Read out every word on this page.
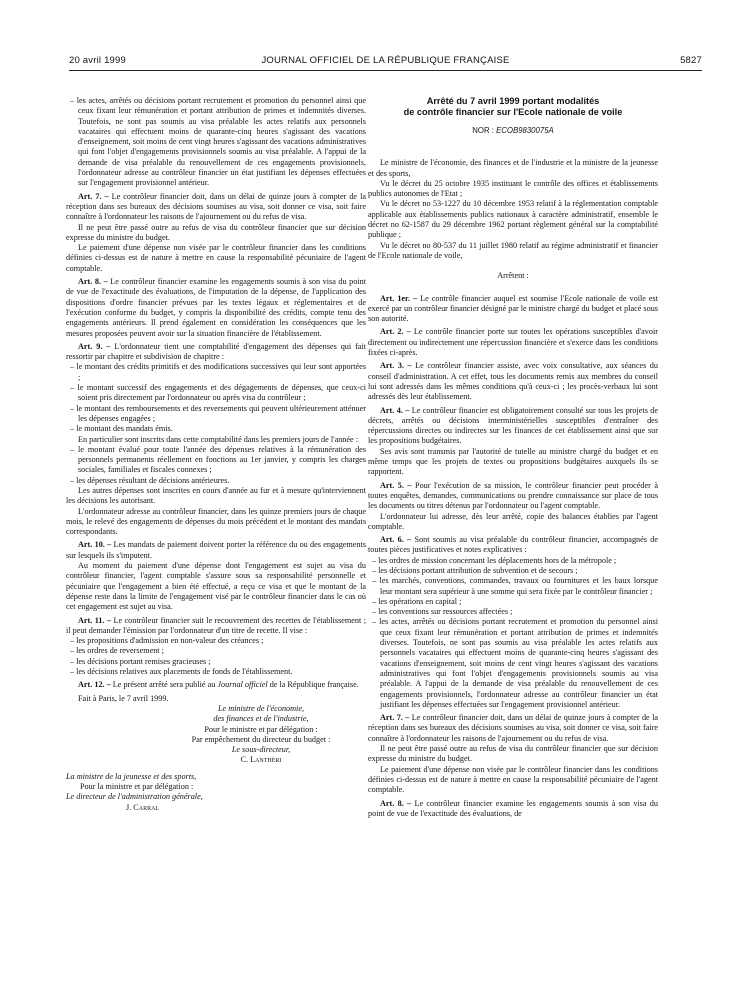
20 avril 1999	JOURNAL OFFICIEL DE LA RÉPUBLIQUE FRANÇAISE	5827
– les actes, arrêtés ou décisions portant recrutement et promotion du personnel ainsi que ceux fixant leur rémunération et portant attribution de primes et indemnités diverses. Toutefois, ne sont pas soumis au visa préalable les actes relatifs aux personnels vacataires qui effectuent moins de quarante-cinq heures s'agissant des vacations d'enseignement, soit moins de cent vingt heures s'agissant des vacations administratives qui font l'objet d'engagements provisionnels soumis au visa préalable. A l'appui de la demande de visa préalable du renouvellement de ces engagements provisionnels, l'ordonnateur adresse au contrôleur financier un état justifiant les dépenses effectuées sur l'engagement provisionnel antérieur.

Art. 7. – Le contrôleur financier doit, dans un délai de quinze jours à compter de la réception dans ses bureaux des décisions soumises au visa, soit donner ce visa, soit faire connaître à l'ordonnateur les raisons de l'ajournement ou du refus de visa.

Il ne peut être passé outre au refus de visa du contrôleur financier que sur décision expresse du ministre du budget.

Le paiement d'une dépense non visée par le contrôleur financier dans les conditions définies ci-dessus est de nature à mettre en cause la responsabilité pécuniaire de l'agent comptable.

Art. 8. – Le contrôleur financier examine les engagements soumis à son visa du point de vue de l'exactitude des évaluations, de l'imputation de la dépense, de l'application des dispositions d'ordre financier prévues par les textes légaux et réglementaires et de l'exécution conforme du budget, y compris la disponibilité des crédits, compte tenu des engagements antérieurs. Il prend également en considération les conséquences que les mesures proposées peuvent avoir sur la situation financière de l'établissement.

Art. 9. – L'ordonnateur tient une comptabilité d'engagement des dépenses qui fait ressortir par chapitre et subdivision de chapitre :

– le montant des crédits primitifs et des modifications successives qui leur sont apportées ;
– le montant successif des engagements et des dégagements de dépenses, que ceux-ci soient pris directement par l'ordonnateur ou après visa du contrôleur ;
– le montant des remboursements et des reversements qui peuvent ultérieurement atténuer les dépenses engagées ;
– le montant des mandats émis.

En particulier sont inscrits dans cette comptabilité dans les premiers jours de l'année :

– le montant évalué pour toute l'année des dépenses relatives à la rémunération des personnels permanents réellement en fonctions au 1er janvier, y compris les charges sociales, familiales et fiscales connexes ;
– les dépenses résultant de décisions antérieures.

Les autres dépenses sont inscrites en cours d'année au fur et à mesure qu'interviennent les décisions les autorisant.

L'ordonnateur adresse au contrôleur financier, dans les quinze premiers jours de chaque mois, le relevé des engagements de dépenses du mois précédent et le montant des mandats correspondants.

Art. 10. – Les mandats de paiement doivent porter la référence du ou des engagements sur lesquels ils s'imputent.

Au moment du paiement d'une dépense dont l'engagement est sujet au visa du contrôleur financier, l'agent comptable s'assure sous sa responsabilité personnelle et pécuniaire que l'engagement a bien été effectué, a reçu ce visa et que le montant de la dépense reste dans la limite de l'engagement visé par le contrôleur financier dans le cas où cet engagement est sujet au visa.

Art. 11. – Le contrôleur financier suit le recouvrement des recettes de l'établissement ; il peut demander l'émission par l'ordonnateur d'un titre de recette. Il vise :

– les propositions d'admission en non-valeur des créances ;
– les ordres de reversement ;
– les décisions portant remises gracieuses ;
– les décisions relatives aux placements de fonds de l'établissement.

Art. 12. – Le présent arrêté sera publié au Journal officiel de la République française.

Fait à Paris, le 7 avril 1999.

Le ministre de l'économie,
des finances et de l'industrie,
Pour le ministre et par délégation :
Par empêchement du directeur du budget :
Le sous-directeur,
C. Lanthéri
La ministre de la jeunesse et des sports,
Pour la ministre et par délégation :
Le directeur de l'administration générale,
J. Carral
Arrêté du 7 avril 1999 portant modalités
de contrôle financier sur l'Ecole nationale de voile
NOR : ECOB9830075A

Le ministre de l'économie, des finances et de l'industrie et la ministre de la jeunesse et des sports,

Vu le décret du 25 octobre 1935 instituant le contrôle des offices et établissements publics autonomes de l'Etat ;

Vu le décret no 53-1227 du 10 décembre 1953 relatif à la réglementation comptable applicable aux établissements publics nationaux à caractère administratif, ensemble le décret no 62-1587 du 29 décembre 1962 portant règlement général sur la comptabilité publique ;

Vu le décret no 80-537 du 11 juillet 1980 relatif au régime administratif et financier de l'Ecole nationale de voile,

Arrêtent :

Art. 1er. – Le contrôle financier auquel est soumise l'Ecole nationale de voile est exercé par un contrôleur financier désigné par le ministre chargé du budget et placé sous son autorité.

Art. 2. – Le contrôle financier porte sur toutes les opérations susceptibles d'avoir directement ou indirectement une répercussion financière et s'exerce dans les conditions fixées ci-après.

Art. 3. – Le contrôleur financier assiste, avec voix consultative, aux séances du conseil d'administration. A cet effet, tous les documents remis aux membres du conseil lui sont adressés dans les mêmes conditions qu'à ceux-ci ; les procès-verbaux lui sont adressés dès leur établissement.

Art. 4. – Le contrôleur financier est obligatoirement consulté sur tous les projets de décrets, arrêtés ou décisions interministérielles susceptibles d'entraîner des répercussions directes ou indirectes sur les finances de cet établissement ainsi que sur les propositions budgétaires.

Ses avis sont transmis par l'autorité de tutelle au ministre chargé du budget et en même temps que les projets de textes ou propositions budgétaires auxquels ils se rapportent.

Art. 5. – Pour l'exécution de sa mission, le contrôleur financier peut procéder à toutes enquêtes, demandes, communications ou prendre connaissance sur place de tous les documents ou titres détenus par l'ordonnateur ou l'agent comptable.

L'ordonnateur lui adresse, dès leur arrêté, copie des balances établies par l'agent comptable.

Art. 6. – Sont soumis au visa préalable du contrôleur financier, accompagnés de toutes pièces justificatives et notes explicatives :

– les ordres de mission concernant les déplacements hors de la métropole ;
– les décisions portant attribution de subvention et de secours ;
– les marchés, conventions, commandes, travaux ou fournitures et les baux lorsque leur montant sera supérieur à une somme qui sera fixée par le contrôleur financier ;
– les opérations en capital ;
– les conventions sur ressources affectées ;
– les actes, arrêtés ou décisions portant recrutement et promotion du personnel ainsi que ceux fixant leur rémunération et portant attribution de primes et indemnités diverses. Toutefois, ne sont pas soumis au visa préalable les actes relatifs aux personnels vacataires qui effectuent moins de quarante-cinq heures s'agissant des vacations d'enseignement, soit moins de cent vingt heures s'agissant des vacations administratives qui font l'objet d'engagements provisionnels soumis au visa préalable. A l'appui de la demande de visa préalable du renouvellement de ces engagements provisionnels, l'ordonnateur adresse au contrôleur financier un état justifiant les dépenses effectuées sur l'engagement provisionnel antérieur.

Art. 7. – Le contrôleur financier doit, dans un délai de quinze jours à compter de la réception dans ses bureaux des décisions soumises au visa, soit donner ce visa, soit faire connaître à l'ordonnateur les raisons de l'ajournement ou du refus de visa.

Il ne peut être passé outre au refus de visa du contrôleur financier que sur décision expresse du ministre du budget.

Le paiement d'une dépense non visée par le contrôleur financier dans les conditions définies ci-dessus est de nature à mettre en cause la responsabilité pécuniaire de l'agent comptable.

Art. 8. – Le contrôleur financier examine les engagements soumis à son visa du point de vue de l'exactitude des évaluations, de
